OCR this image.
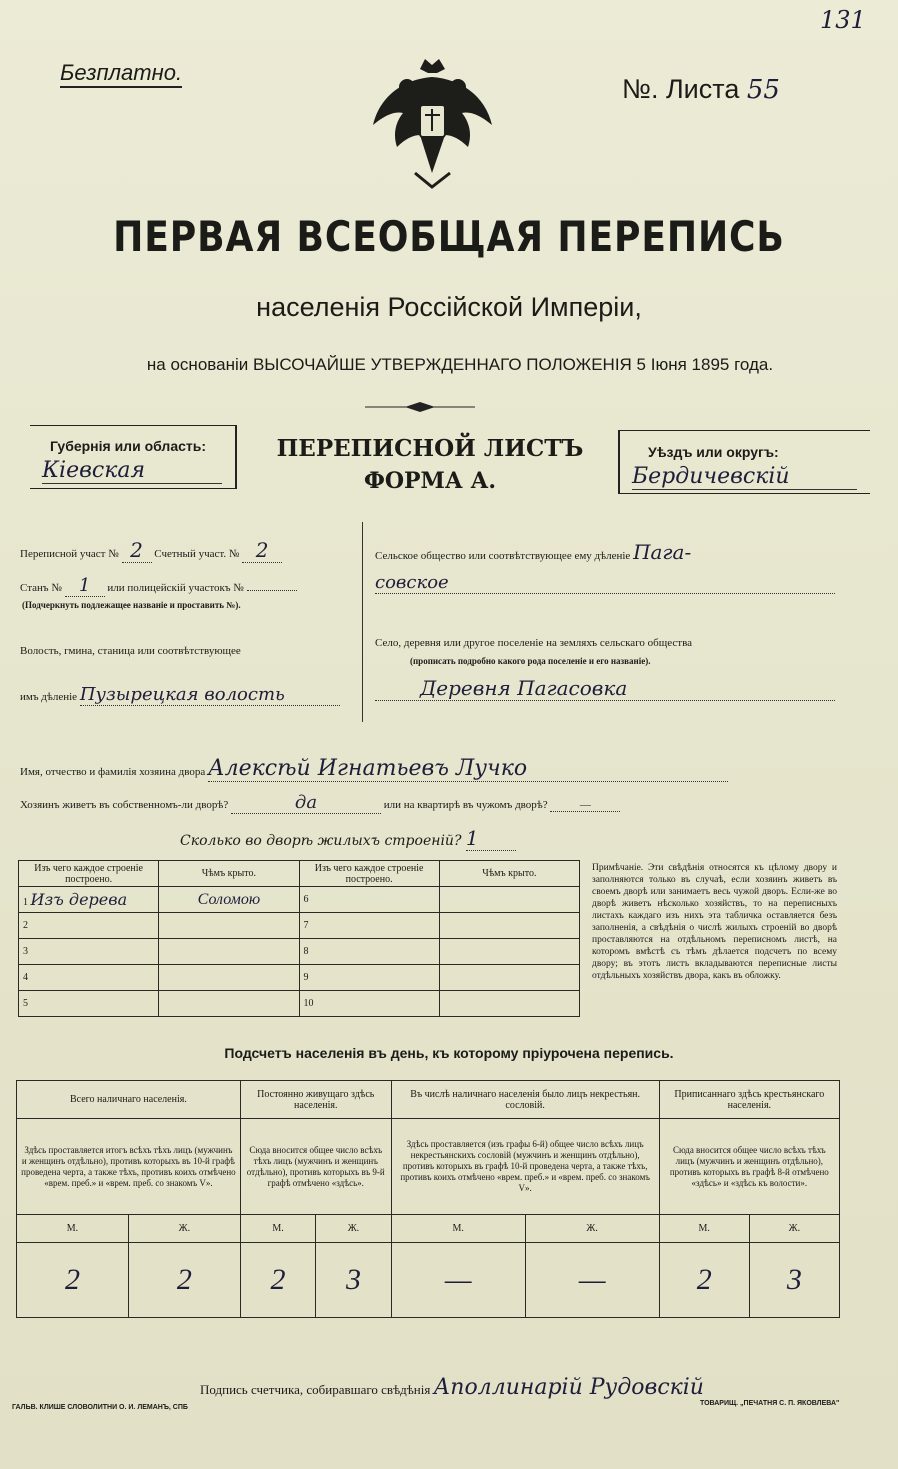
131
Безплатно.
№. Листа 55
ПЕРВАЯ ВСЕОБЩАЯ ПЕРЕПИСЬ
населенія Россійской Имперіи,
на основаніи ВЫСОЧАЙШЕ УТВЕРЖДЕННАГО ПОЛОЖЕНІЯ 5 Іюня 1895 года.
Губернія или область:
Кіевская
ПЕРЕПИСНОЙ ЛИСТЪ
ФОРМА А.
Уѣздъ или округъ:
Бердичевскій
Переписной участ № 2 Счетный участ. № 2
Станъ № 1 или полицейскій участокъ №
(Подчеркнуть подлежащее названіе и проставить №).
Волость, гмина, станица или соотвѣтствующее
имъ дѣленіе Пузырецкая волость
Сельское общество или соотвѣтствующее ему дѣленіе Пага-
совское
Село, деревня или другое поселеніе на земляхъ сельскаго общества
(прописать подробно какого рода поселеніе и его названіе).
Деревня Пагасовка
Имя, отчество и фамилія хозяина двора Алексѣй Игнатьевъ Лучко
Хозяинъ живетъ въ собственномъ-ли дворѣ?	да	или на квартирѣ въ чужомъ дворѣ?	—
Сколько во дворѣ жилыхъ строеній? 1
Изъ чего каждое строеніе построено.	Чѣмъ крыто.	Изъ чего каждое строеніе построено.	Чѣмъ крыто.
1 Изъ дерева	Соломою	6	
2		7	
3		8	
4		9	
5		10	
Примѣчаніе. Эти свѣдѣнія относятся къ цѣлому двору и заполняются только въ случаѣ, если хозяинъ живетъ въ своемъ дворѣ или занимаетъ весь чужой дворъ. Если-же во дворѣ живетъ нѣсколько хозяйствъ, то на переписныхъ листахъ каждаго изъ нихъ эта табличка оставляется безъ заполненія, а свѣдѣнія о числѣ жилыхъ строеній во дворѣ проставляются на отдѣльномъ переписномъ листѣ, на которомъ вмѣстѣ съ тѣмъ дѣлается подсчетъ по всему двору; въ этотъ листъ вкладываются переписные листы отдѣльныхъ хозяйствъ двора, какъ въ обложку.
Подсчетъ населенія въ день, къ которому пріурочена перепись.
Всего наличнаго населенія.		Постоянно живущаго здѣсь населенія.		Въ числѣ наличнаго населенія было лицъ некрестьян. сословій.		Приписаннаго здѣсь крестьянскаго населенія.	
Здѣсь проставляется итогъ всѣхъ тѣхъ лицъ (мужчинъ и женщинъ отдѣльно), противъ которыхъ въ 10-й графѣ проведена черта, а также тѣхъ, противъ коихъ отмѣчено «врем. преб.» и «врем. преб. со знакомъ V».		Сюда вносится общее число всѣхъ тѣхъ лицъ (мужчинъ и женщинъ отдѣльно), противъ которыхъ въ 9-й графѣ отмѣчено «здѣсь».		Здѣсь проставляется (изъ графы 6-й) общее число всѣхъ лицъ некрестьянскихъ сословій (мужчинъ и женщинъ отдѣльно), противъ которыхъ въ графѣ 10-й проведена черта, а также тѣхъ, противъ коихъ отмѣчено «врем. преб.» и «врем. преб. со знакомъ V».		Сюда вносится общее число всѣхъ тѣхъ лицъ (мужчинъ и женщинъ отдѣльно), противъ которыхъ въ графѣ 8-й отмѣчено «здѣсь» и «здѣсь къ волости».	
М.	Ж.	М.	Ж.	М.	Ж.	М.	Ж.
2	2	2	3	—	—	2	3
Подпись счетчика, собиравшаго свѣдѣнія Аполлинарій Рудовскій
ГАЛЬВ. КЛИШЕ СЛОВОЛИТНИ О. И. ЛЕМАНЪ, СПБ
ТОВАРИЩ. „ПЕЧАТНЯ С. П. ЯКОВЛЕВА"
